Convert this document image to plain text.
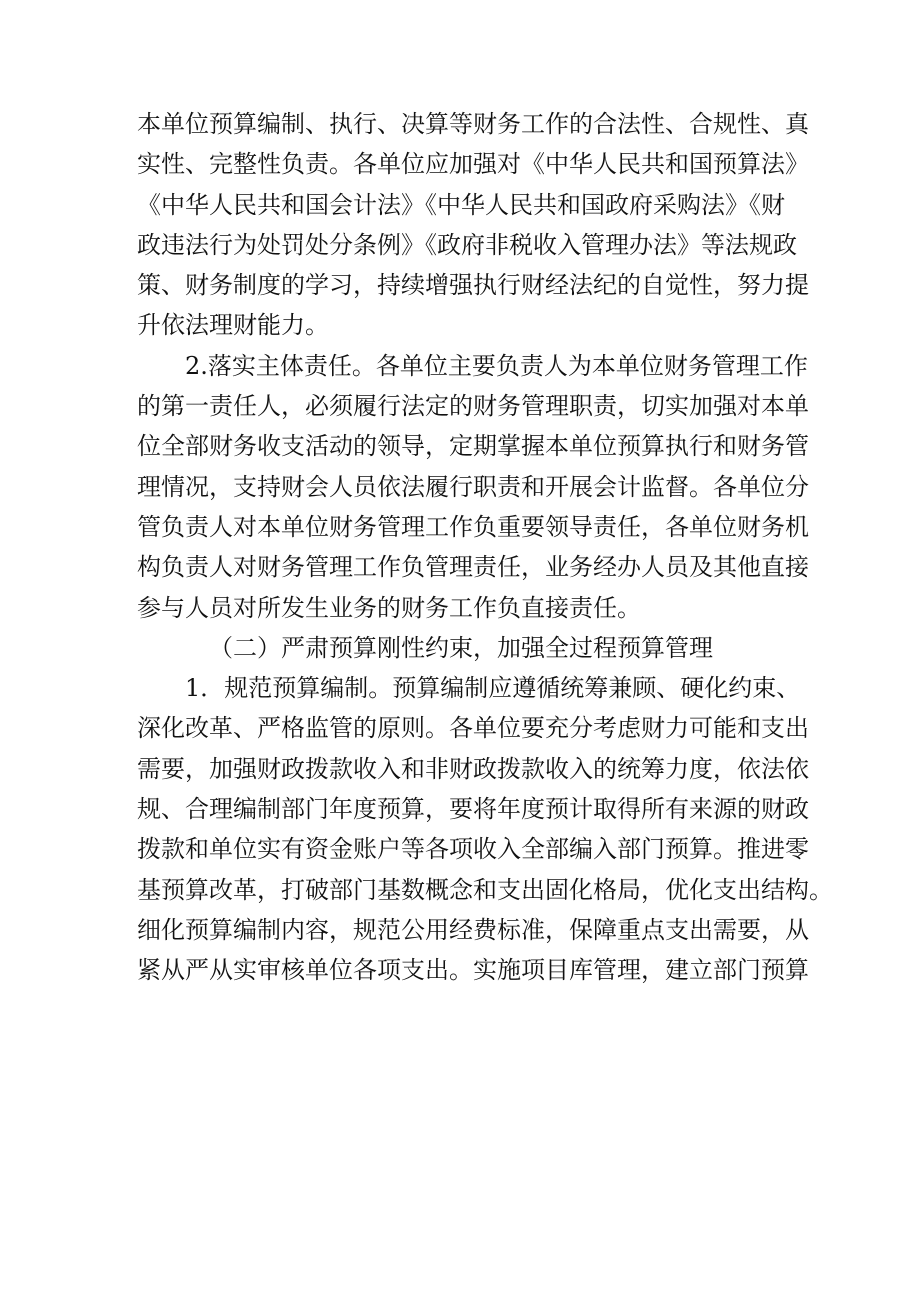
本单位预算编制、执行、决算等财务工作的合法性、合规性、真
实性、完整性负责。各单位应加强对《中华人民共和国预算法》
《中华人民共和国会计法》《中华人民共和国政府采购法》《财
政违法行为处罚处分条例》《政府非税收入管理办法》等法规政
策、财务制度的学习，持续增强执行财经法纪的自觉性，努力提
升依法理财能力。
2.落实主体责任。各单位主要负责人为本单位财务管理工作
的第一责任人，必须履行法定的财务管理职责，切实加强对本单
位全部财务收支活动的领导，定期掌握本单位预算执行和财务管
理情况，支持财会人员依法履行职责和开展会计监督。各单位分
管负责人对本单位财务管理工作负重要领导责任，各单位财务机
构负责人对财务管理工作负管理责任，业务经办人员及其他直接
参与人员对所发生业务的财务工作负直接责任。
（二）严肃预算刚性约束，加强全过程预算管理
1．规范预算编制。预算编制应遵循统筹兼顾、硬化约束、
深化改革、严格监管的原则。各单位要充分考虑财力可能和支出
需要，加强财政拨款收入和非财政拨款收入的统筹力度，依法依
规、合理编制部门年度预算，要将年度预计取得所有来源的财政
拨款和单位实有资金账户等各项收入全部编入部门预算。推进零
基预算改革，打破部门基数概念和支出固化格局，优化支出结构。
细化预算编制内容，规范公用经费标准，保障重点支出需要，从
紧从严从实审核单位各项支出。实施项目库管理，建立部门预算
